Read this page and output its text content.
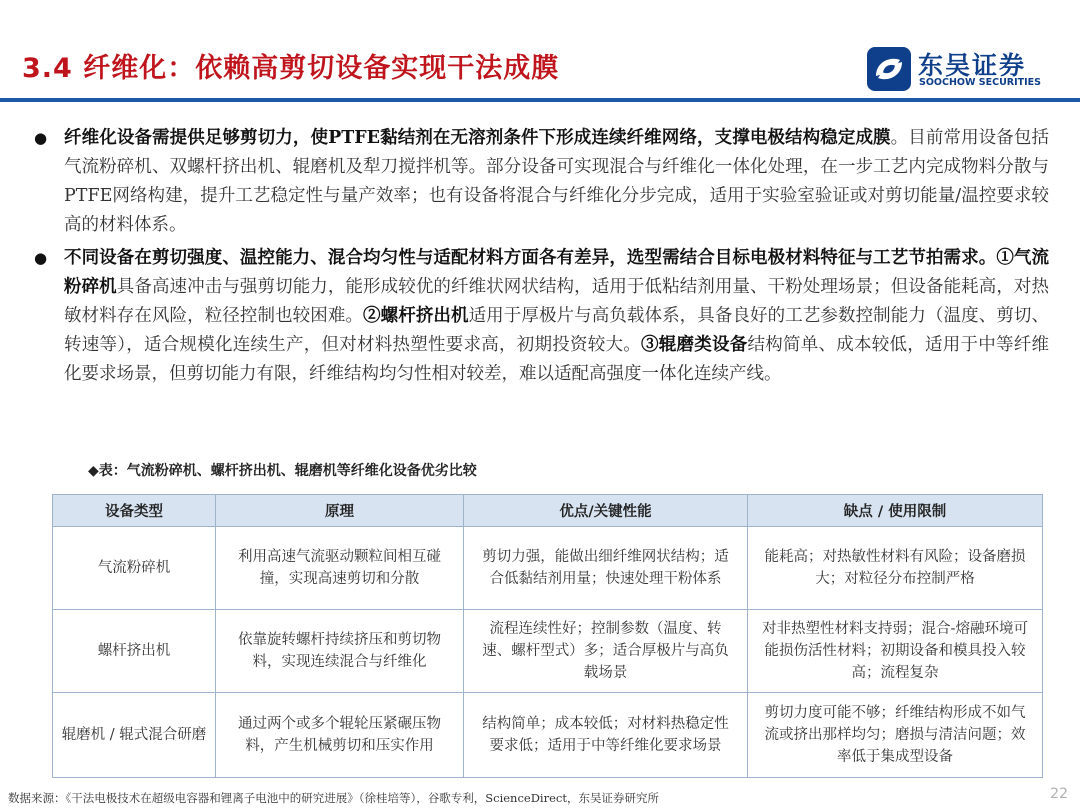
3.4 纤维化：依赖高剪切设备实现干法成膜	东吴证券
SOOCHOW SECURITIES
● 纤维化设备需提供足够剪切力，使PTFE黏结剂在无溶剂条件下形成连续纤维网络，支撑电极结构稳定成膜。目前常用设备包括气流粉碎机、双螺杆挤出机、辊磨机及犁刀搅拌机等。部分设备可实现混合与纤维化一体化处理，在一步工艺内完成物料分散与PTFE网络构建，提升工艺稳定性与量产效率；也有设备将混合与纤维化分步完成，适用于实验室验证或对剪切能量/温控要求较高的材料体系。
● 不同设备在剪切强度、温控能力、混合均匀性与适配材料方面各有差异，选型需结合目标电极材料特征与工艺节拍需求。①气流粉碎机具备高速冲击与强剪切能力，能形成较优的纤维状网状结构，适用于低粘结剂用量、干粉处理场景；但设备能耗高，对热敏材料存在风险，粒径控制也较困难。②螺杆挤出机适用于厚极片与高负载体系，具备良好的工艺参数控制能力（温度、剪切、转速等），适合规模化连续生产，但对材料热塑性要求高，初期投资较大。③辊磨类设备结构简单、成本较低，适用于中等纤维化要求场景，但剪切能力有限，纤维结构均匀性相对较差，难以适配高强度一体化连续产线。
◆表：气流粉碎机、螺杆挤出机、辊磨机等纤维化设备优劣比较
设备类型	原理	优点/关键性能	缺点 / 使用限制
气流粉碎机	利用高速气流驱动颗粒间相互碰撞，实现高速剪切和分散	剪切力强，能做出细纤维网状结构；适合低黏结剂用量；快速处理干粉体系	能耗高；对热敏性材料有风险；设备磨损大；对粒径分布控制严格
螺杆挤出机	依靠旋转螺杆持续挤压和剪切物料，实现连续混合与纤维化	流程连续性好；控制参数（温度、转速、螺杆型式）多；适合厚极片与高负载场景	对非热塑性材料支持弱；混合-熔融环境可能损伤活性材料；初期设备和模具投入较高；流程复杂
辊磨机 / 辊式混合研磨	通过两个或多个辊轮压紧碾压物料，产生机械剪切和压实作用	结构简单；成本较低；对材料热稳定性要求低；适用于中等纤维化要求场景	剪切力度可能不够；纤维结构形成不如气流或挤出那样均匀；磨损与清洁问题；效率低于集成型设备
数据来源：《干法电极技术在超级电容器和锂离子电池中的研究进展》（徐桂培等），谷歌专利，ScienceDirect，东吴证券研究所	22
